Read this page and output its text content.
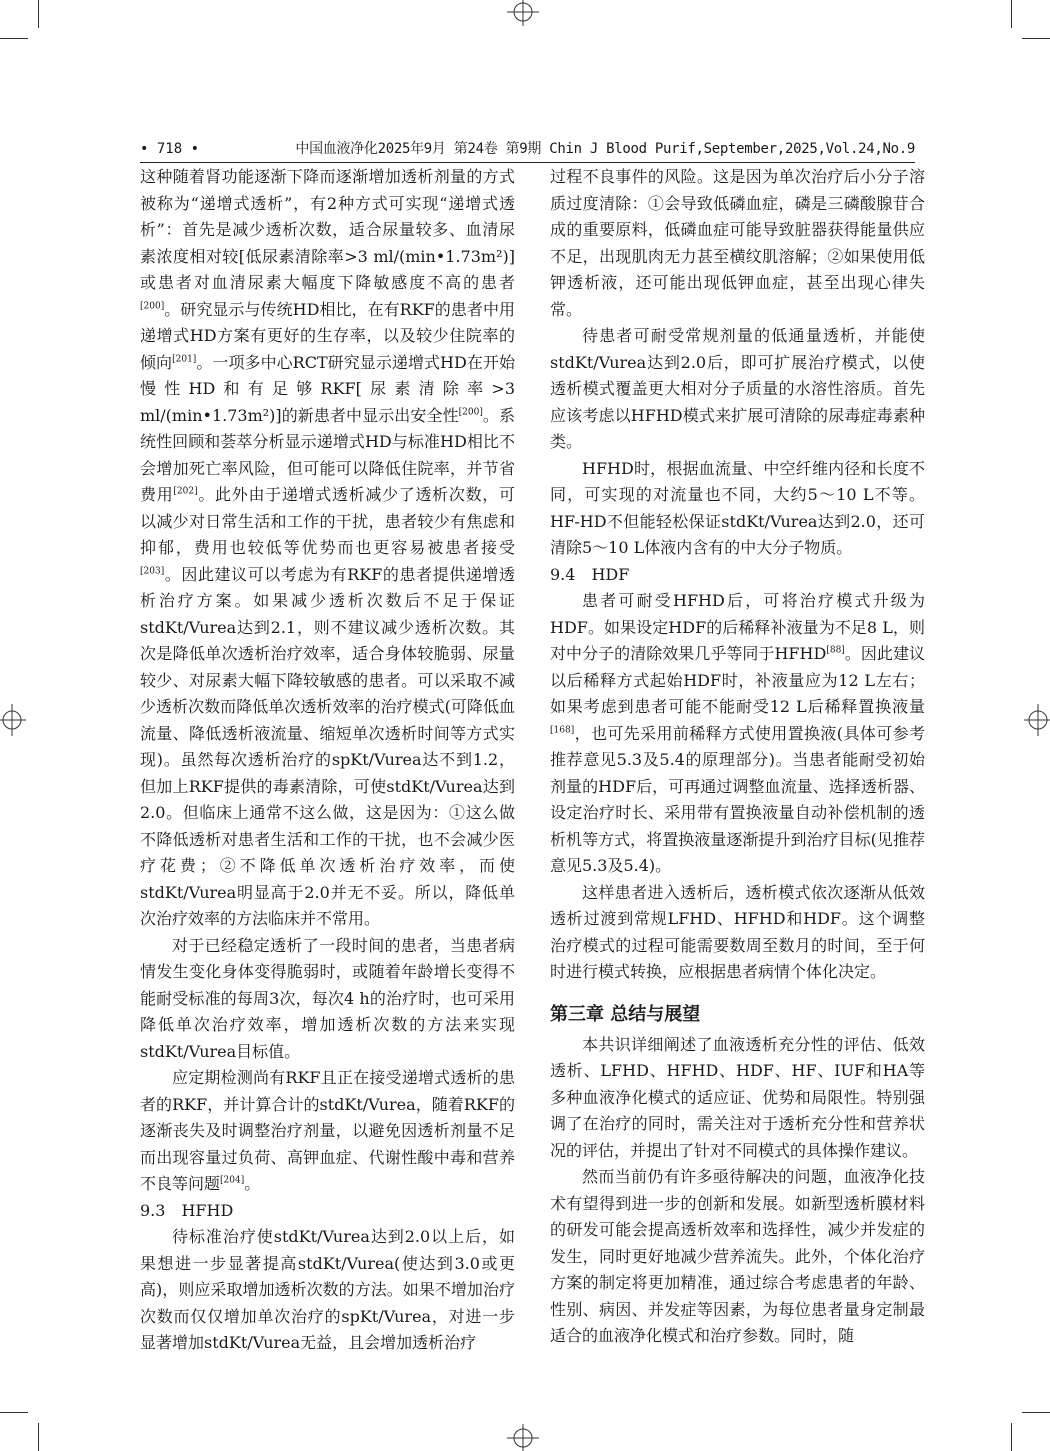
• 718 •	中国血液净化2025年9月 第24卷 第9期 Chin J Blood Purif,September,2025,Vol.24,No.9

这种随着肾功能逐渐下降而逐渐增加透析剂量的方式被称为“递增式透析”，有2种方式可实现“递增式透析”：首先是减少透析次数，适合尿量较多、血清尿素浓度相对较[低尿素清除率>3 ml/(min•1.73m²)]或患者对血清尿素大幅度下降敏感度不高的患者[200]。研究显示与传统HD相比，在有RKF的患者中用递增式HD方案有更好的生存率，以及较少住院率的倾向[201]。一项多中心RCT研究显示递增式HD在开始慢性HD和有足够RKF[尿素清除率>3 ml/(min•1.73m²)]的新患者中显示出安全性[200]。系统性回顾和荟萃分析显示递增式HD与标准HD相比不会增加死亡率风险，但可能可以降低住院率，并节省费用[202]。此外由于递增式透析减少了透析次数，可以减少对日常生活和工作的干扰，患者较少有焦虑和抑郁，费用也较低等优势而也更容易被患者接受[203]。因此建议可以考虑为有RKF的患者提供递增透析治疗方案。如果减少透析次数后不足于保证stdKt/Vurea达到2.1，则不建议减少透析次数。其次是降低单次透析治疗效率，适合身体较脆弱、尿量较少、对尿素大幅下降较敏感的患者。可以采取不减少透析次数而降低单次透析效率的治疗模式(可降低血流量、降低透析液流量、缩短单次透析时间等方式实现)。虽然每次透析治疗的spKt/Vurea达不到1.2，但加上RKF提供的毒素清除，可使stdKt/Vurea达到2.0。但临床上通常不这么做，这是因为：①这么做不降低透析对患者生活和工作的干扰，也不会减少医疗花费；②不降低单次透析治疗效率，而使stdKt/Vurea明显高于2.0并无不妥。所以，降低单次治疗效率的方法临床并不常用。

对于已经稳定透析了一段时间的患者，当患者病情发生变化身体变得脆弱时，或随着年龄增长变得不能耐受标准的每周3次，每次4 h的治疗时，也可采用降低单次治疗效率，增加透析次数的方法来实现stdKt/Vurea目标值。

应定期检测尚有RKF且正在接受递增式透析的患者的RKF，并计算合计的stdKt/Vurea，随着RKF的逐渐丧失及时调整治疗剂量，以避免因透析剂量不足而出现容量过负荷、高钾血症、代谢性酸中毒和营养不良等问题[204]。

9.3　HFHD

待标准治疗使stdKt/Vurea达到2.0以上后，如果想进一步显著提高stdKt/Vurea(使达到3.0或更高)，则应采取增加透析次数的方法。如果不增加治疗次数而仅仅增加单次治疗的spKt/Vurea，对进一步显著增加stdKt/Vurea无益，且会增加透析治疗

过程不良事件的风险。这是因为单次治疗后小分子溶质过度清除：①会导致低磷血症，磷是三磷酸腺苷合成的重要原料，低磷血症可能导致脏器获得能量供应不足，出现肌肉无力甚至横纹肌溶解；②如果使用低钾透析液，还可能出现低钾血症，甚至出现心律失常。

待患者可耐受常规剂量的低通量透析，并能使stdKt/Vurea达到2.0后，即可扩展治疗模式，以使透析模式覆盖更大相对分子质量的水溶性溶质。首先应该考虑以HFHD模式来扩展可清除的尿毒症毒素种类。

HFHD时，根据血流量、中空纤维内径和长度不同，可实现的对流量也不同，大约5～10 L不等。HF-HD不但能轻松保证stdKt/Vurea达到2.0，还可清除5～10 L体液内含有的中大分子物质。

9.4　HDF

患者可耐受HFHD后，可将治疗模式升级为HDF。如果设定HDF的后稀释补液量为不足8 L，则对中分子的清除效果几乎等同于HFHD[88]。因此建议以后稀释方式起始HDF时，补液量应为12 L左右；如果考虑到患者可能不能耐受12 L后稀释置换液量[168]，也可先采用前稀释方式使用置换液(具体可参考推荐意见5.3及5.4的原理部分)。当患者能耐受初始剂量的HDF后，可再通过调整血流量、选择透析器、设定治疗时长、采用带有置换液量自动补偿机制的透析机等方式，将置换液量逐渐提升到治疗目标(见推荐意见5.3及5.4)。

这样患者进入透析后，透析模式依次逐渐从低效透析过渡到常规LFHD、HFHD和HDF。这个调整治疗模式的过程可能需要数周至数月的时间，至于何时进行模式转换，应根据患者病情个体化决定。

第三章 总结与展望

本共识详细阐述了血液透析充分性的评估、低效透析、LFHD、HFHD、HDF、HF、IUF和HA等多种血液净化模式的适应证、优势和局限性。特别强调了在治疗的同时，需关注对于透析充分性和营养状况的评估，并提出了针对不同模式的具体操作建议。

然而当前仍有许多亟待解决的问题，血液净化技术有望得到进一步的创新和发展。如新型透析膜材料的研发可能会提高透析效率和选择性，减少并发症的发生，同时更好地减少营养流失。此外，个体化治疗方案的制定将更加精准，通过综合考虑患者的年龄、性别、病因、并发症等因素，为每位患者量身定制最适合的血液净化模式和治疗参数。同时，随
